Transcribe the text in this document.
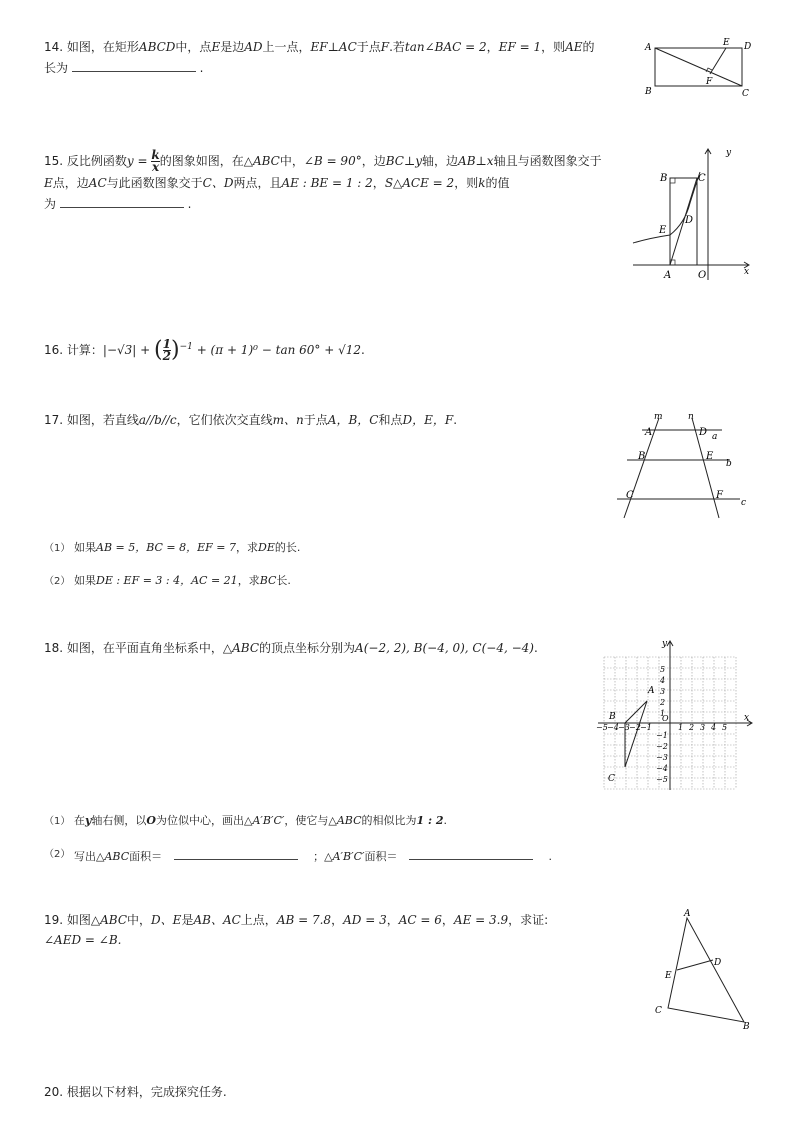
14. 如图，在矩形ABCD中，点E是边AD上一点，EF⊥AC于点F.若tan∠BAC = 2，EF = 1，则AE的
长为	.
A
B	C
D
E
F
15. 反比例函数$y = \frac{k}{x}$ 的图象如图，在△ABC中，∠B = 90°，边BC⊥y轴，边AB⊥x轴且与函数图象交于
E点，边AC与此函数图象交于C、D两点，且AE : BE = 1 : 2，S△ACE = 2，则k的值
为	.
y
x
B	C
D
E
A	O
16. 计算：|−√3| + ( $\frac{1}{2} )^{-1} + (\pi + 1)^0 - \tan 60^\circ + √12$.
17. 如图，若直线a//b//c，它们依次交直线m、n于点A，B，C和点D，E，F.	m	n
A	D a
B	E
b
C	F
c
（1） 如果AB = 5，BC = 8，EF = 7，求DE的长.
（2） 如果DE : EF = 3 : 4，AC = 21，求BC长.
18. 如图，在平面直角坐标系中，△ABC的顶点坐标分别为A(−2, 2), B(−4, 0), C(−4, −4).	y
x
O
A
B
C
−5 −4 −3 −2 −1	1 2 3 4 5
5
4
3
2
1
−1
−2
−3
−4
−5
（1） 在y轴右侧，以O为位似中心，画出△A′B′C′，使它与△ABC的相似比为1 : 2.
（2） 写出△ABC面积＝	；△A′B′C′面积＝	.
19. 如图△ABC中，D、E是AB、AC上点，AB = 7.8，AD = 3，AC = 6，AE = 3.9，求证:
∠AED = ∠B.
A
E
D
C
B
20. 根据以下材料，完成探究任务.
